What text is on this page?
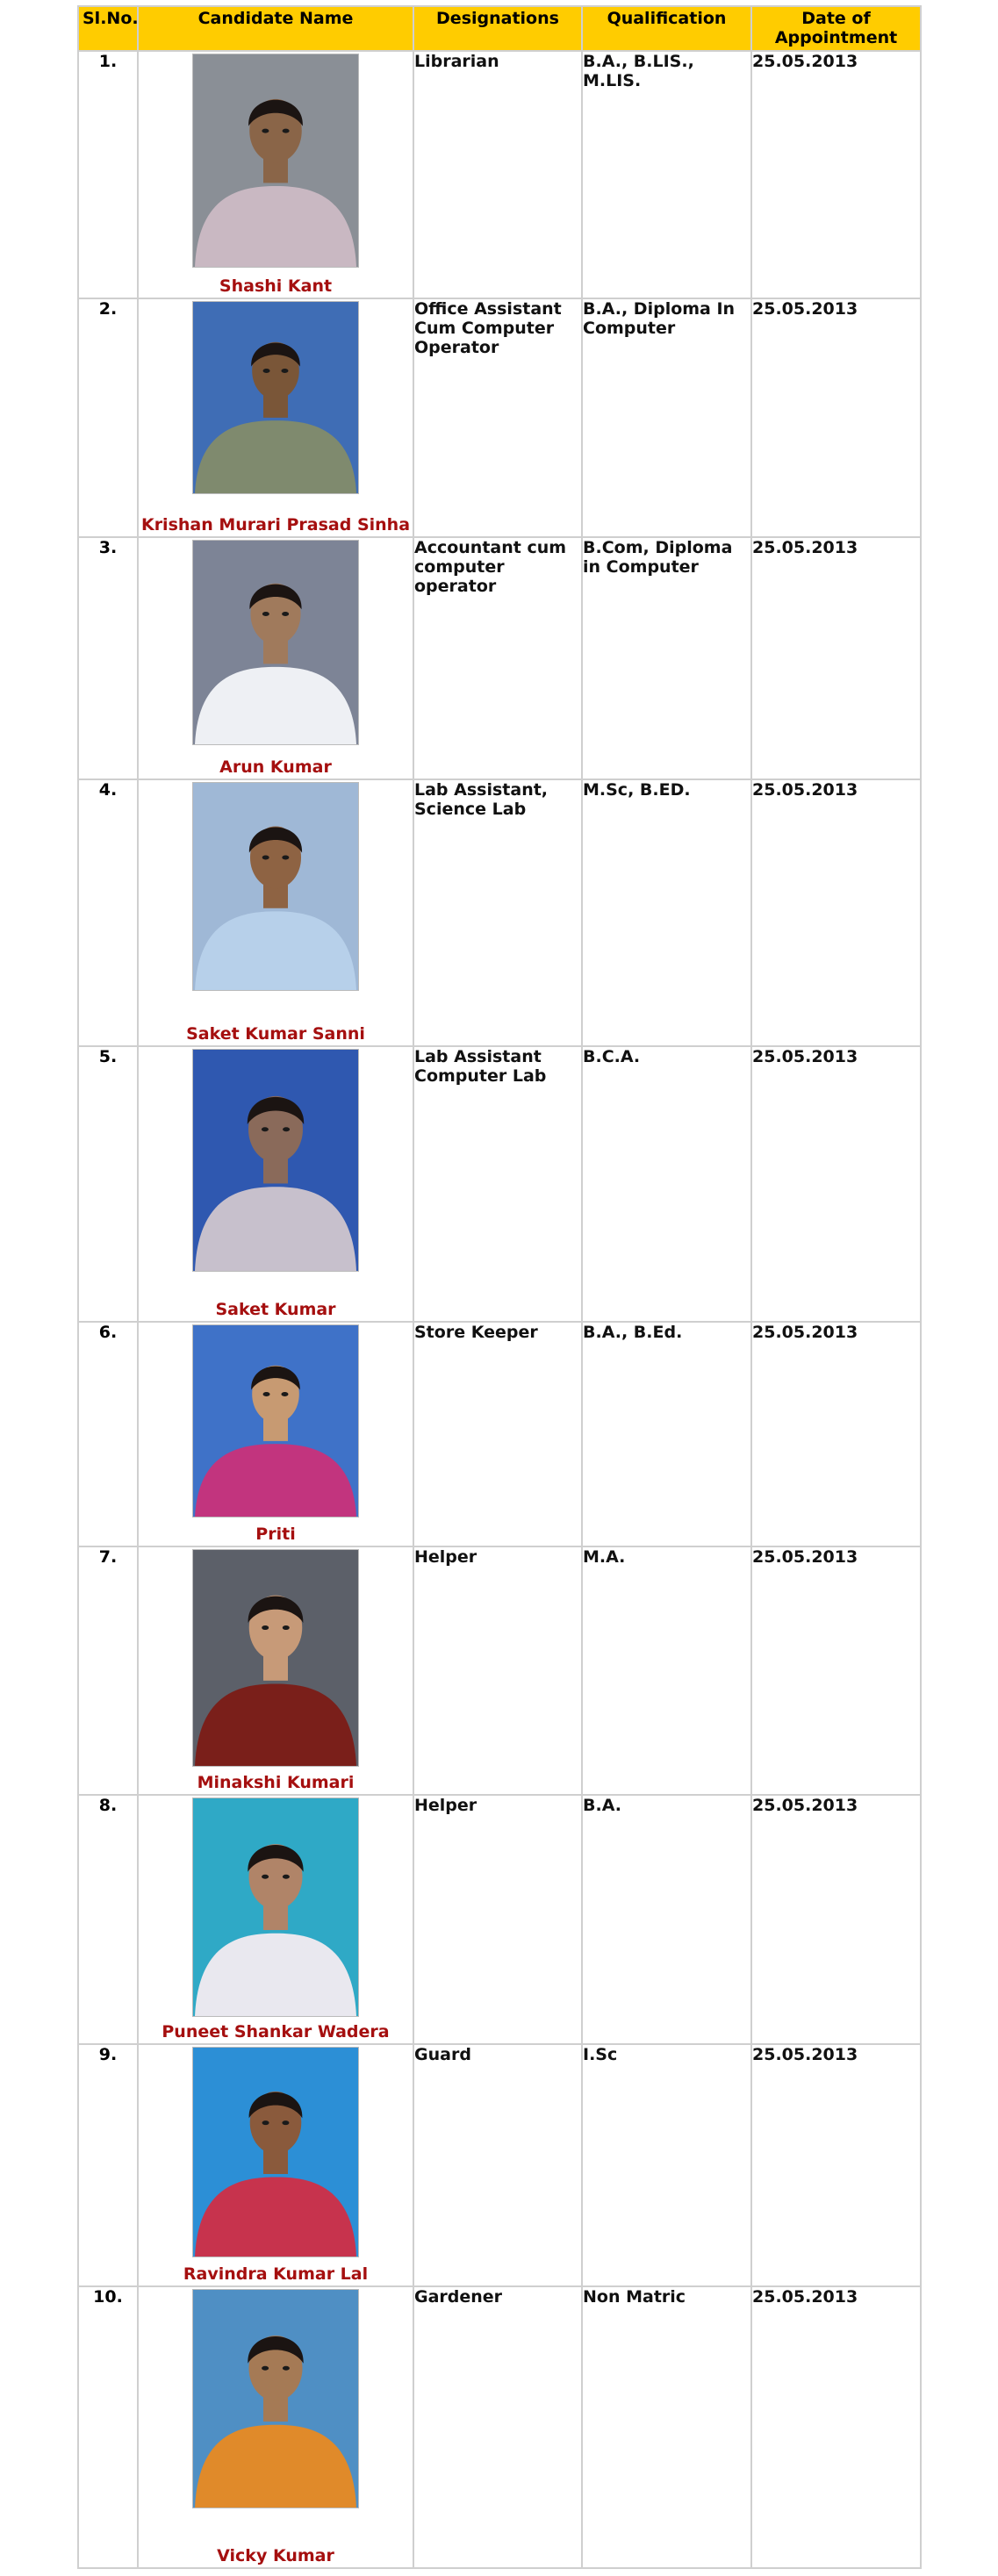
Sl.No.	Candidate Name	Designations	Qualification	Date of Appointment
1.	Shashi Kant	Librarian	B.A., B.LIS., M.LIS.	25.05.2013
2.	Krishan Murari Prasad Sinha	Office Assistant Cum Computer Operator	B.A., Diploma In Computer	25.05.2013
3.	Arun Kumar	Accountant cum computer operator	B.Com, Diploma in Computer	25.05.2013
4.	Saket Kumar Sanni	Lab Assistant, Science Lab	M.Sc, B.ED.	25.05.2013
5.	Saket Kumar	Lab Assistant Computer Lab	B.C.A.	25.05.2013
6.	Priti	Store Keeper	B.A., B.Ed.	25.05.2013
7.	Minakshi Kumari	Helper	M.A.	25.05.2013
8.	Puneet Shankar Wadera	Helper	B.A.	25.05.2013
9.	Ravindra Kumar Lal	Guard	I.Sc	25.05.2013
10.	Vicky Kumar	Gardener	Non Matric	25.05.2013
